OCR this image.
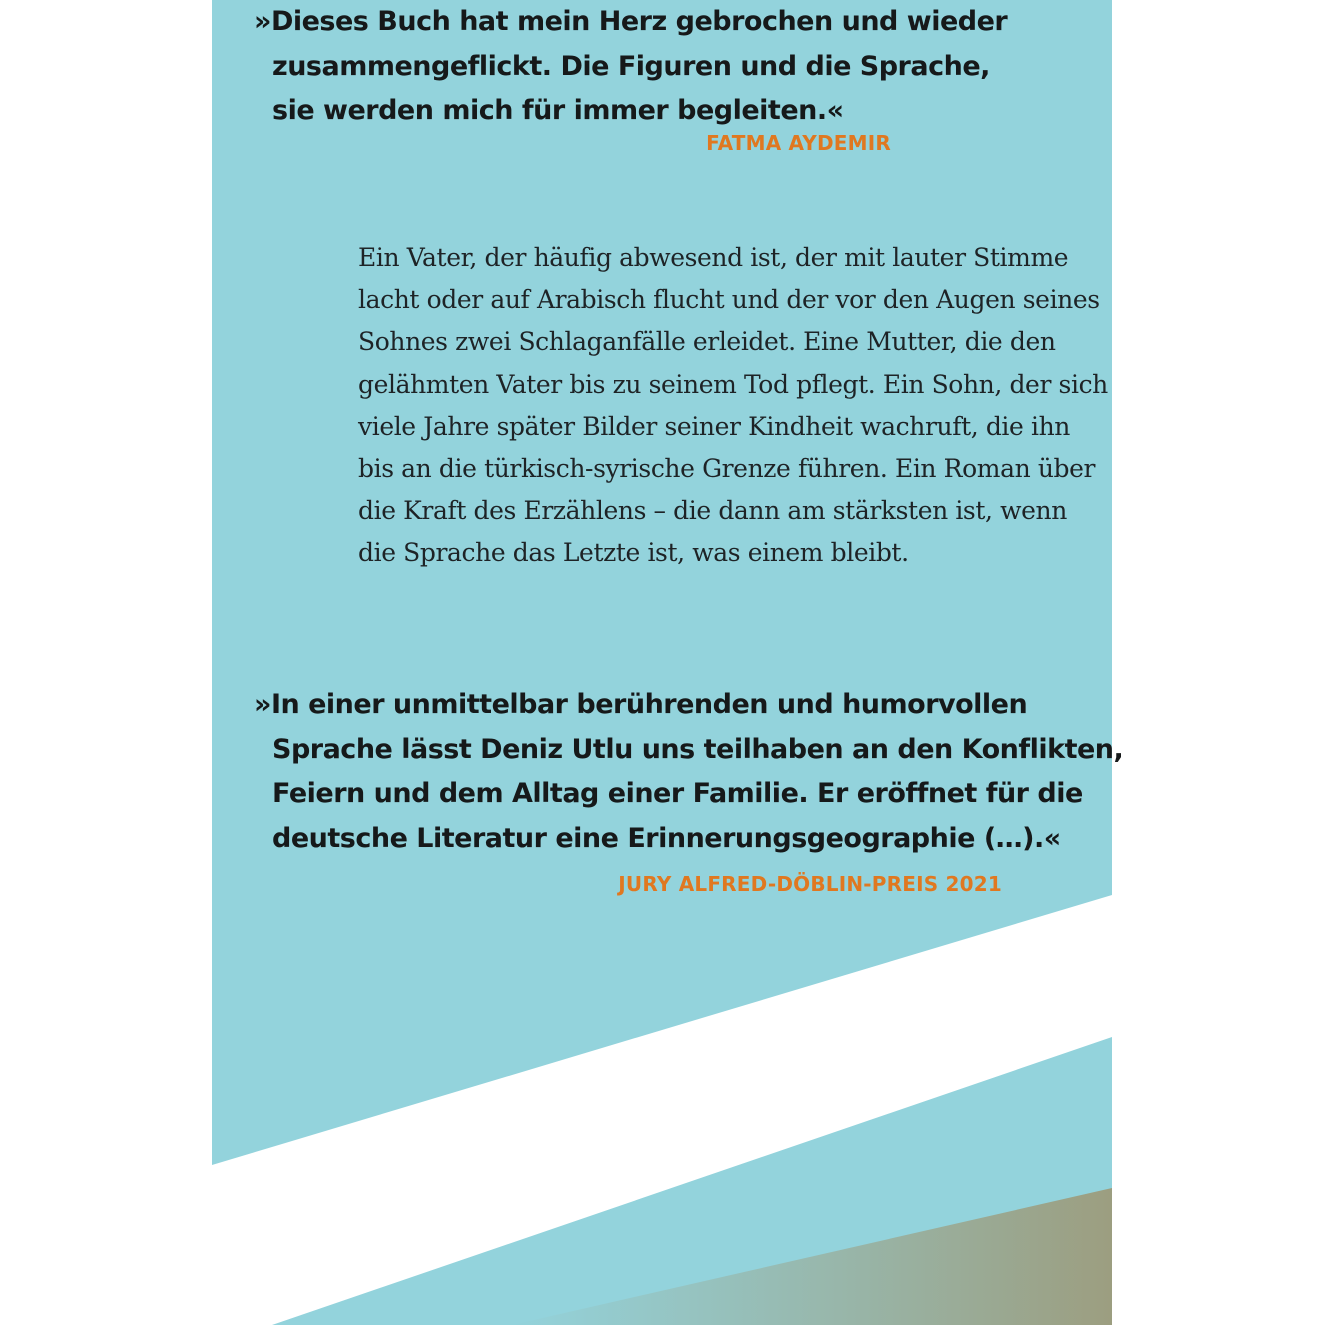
»Dieses Buch hat mein Herz gebrochen und wieder
zusammengeflickt. Die Figuren und die Sprache,
sie werden mich für immer begleiten.«
FATMA AYDEMIR
Ein Vater, der häufig abwesend ist, der mit lauter Stimme
lacht oder auf Arabisch flucht und der vor den Augen seines
Sohnes zwei Schlaganfälle erleidet. Eine Mutter, die den
gelähmten Vater bis zu seinem Tod pflegt. Ein Sohn, der sich
viele Jahre später Bilder seiner Kindheit wachruft, die ihn
bis an die türkisch-syrische Grenze führen. Ein Roman über
die Kraft des Erzählens – die dann am stärksten ist, wenn
die Sprache das Letzte ist, was einem bleibt.
»In einer unmittelbar berührenden und humorvollen
Sprache lässt Deniz Utlu uns teilhaben an den Konflikten,
Feiern und dem Alltag einer Familie. Er eröffnet für die
deutsche Literatur eine Erinnerungsgeographie (…).«
JURY ALFRED-DÖBLIN-PREIS 2021
